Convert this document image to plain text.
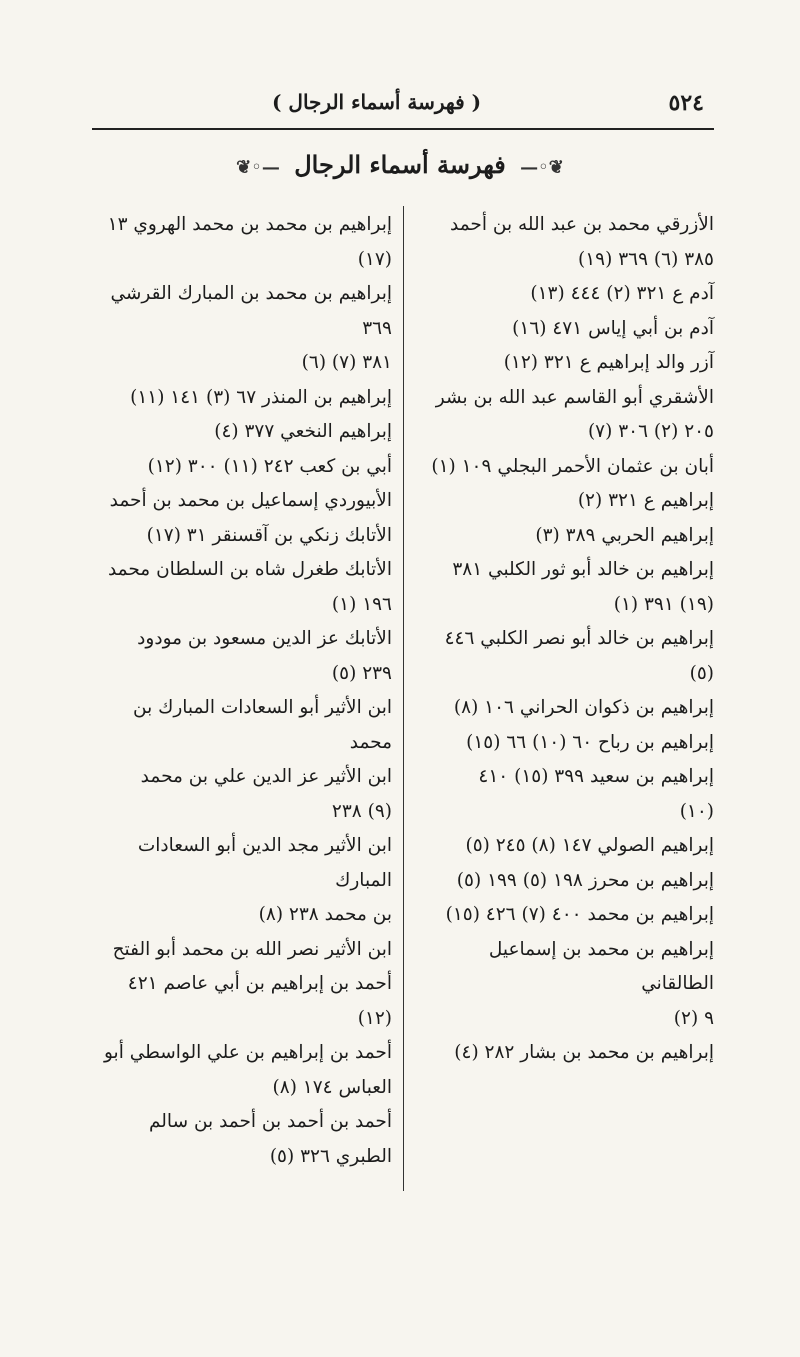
٥٢٤
( فهرسة أسماء الرجال )
❦◦— فهرسة أسماء الرجال —◦❦

الأزرقي محمد بن عبد الله بن أحمد
٣٨٥ (٦) ٣٦٩ (١٩)

آدم ع ٣٢١ (٢) ٤٤٤ (١٣)

آدم بن أبي إياس ٤٧١ (١٦)

آزر والد إبراهيم ع ٣٢١ (١٢)

الأشقري أبو القاسم عبد الله بن بشر
٢٠٥ (٢) ٣٠٦ (٧)

أبان بن عثمان الأحمر البجلي ١٠٩ (١)

إبراهيم ع ٣٢١ (٢)

إبراهيم الحربي ٣٨٩ (٣)

إبراهيم بن خالد أبو ثور الكلبي ٣٨١
(١٩) ٣٩١ (١)

إبراهيم بن خالد أبو نصر الكلبي ٤٤٦
(٥)

إبراهيم بن ذكوان الحراني ١٠٦ (٨)

إبراهيم بن رباح ٦٠ (١٠) ٦٦ (١٥)

إبراهيم بن سعيد ٣٩٩ (١٥) ٤١٠
(١٠)

إبراهيم الصولي ١٤٧ (٨) ٢٤٥ (٥)

إبراهيم بن محرز ١٩٨ (٥) ١٩٩ (٥)

إبراهيم بن محمد ٤٠٠ (٧) ٤٢٦ (١٥)

إبراهيم بن محمد بن إسماعيل الطالقاني
٩ (٢)

إبراهيم بن محمد بن بشار ٢٨٢ (٤)

إبراهيم بن محمد بن محمد الهروي ١٣
(١٧)

إبراهيم بن محمد بن المبارك القرشي ٣٦٩
٣٨١ (٧) (٦)

إبراهيم بن المنذر ٦٧ (٣) ١٤١ (١١)
إبراهيم النخعي ٣٧٧ (٤)

أبي بن كعب ٢٤٢ (١١) ٣٠٠ (١٢)

الأبيوردي إسماعيل بن محمد بن أحمد

الأتابك زنكي بن آقسنقر ٣١ (١٧)

الأتابك طغرل شاه بن السلطان محمد
١٩٦ (١)

الأتابك عز الدين مسعود بن مودود
٢٣٩ (٥)

ابن الأثير أبو السعادات المبارك بن محمد

ابن الأثير عز الدين علي بن محمد
(٩) ٢٣٨

ابن الأثير مجد الدين أبو السعادات المبارك
بن محمد ٢٣٨ (٨)

ابن الأثير نصر الله بن محمد أبو الفتح

أحمد بن إبراهيم بن أبي عاصم ٤٢١ (١٢)

أحمد بن إبراهيم بن علي الواسطي أبو
العباس ١٧٤ (٨)

أحمد بن أحمد بن أحمد بن سالم
الطبري ٣٢٦ (٥)
